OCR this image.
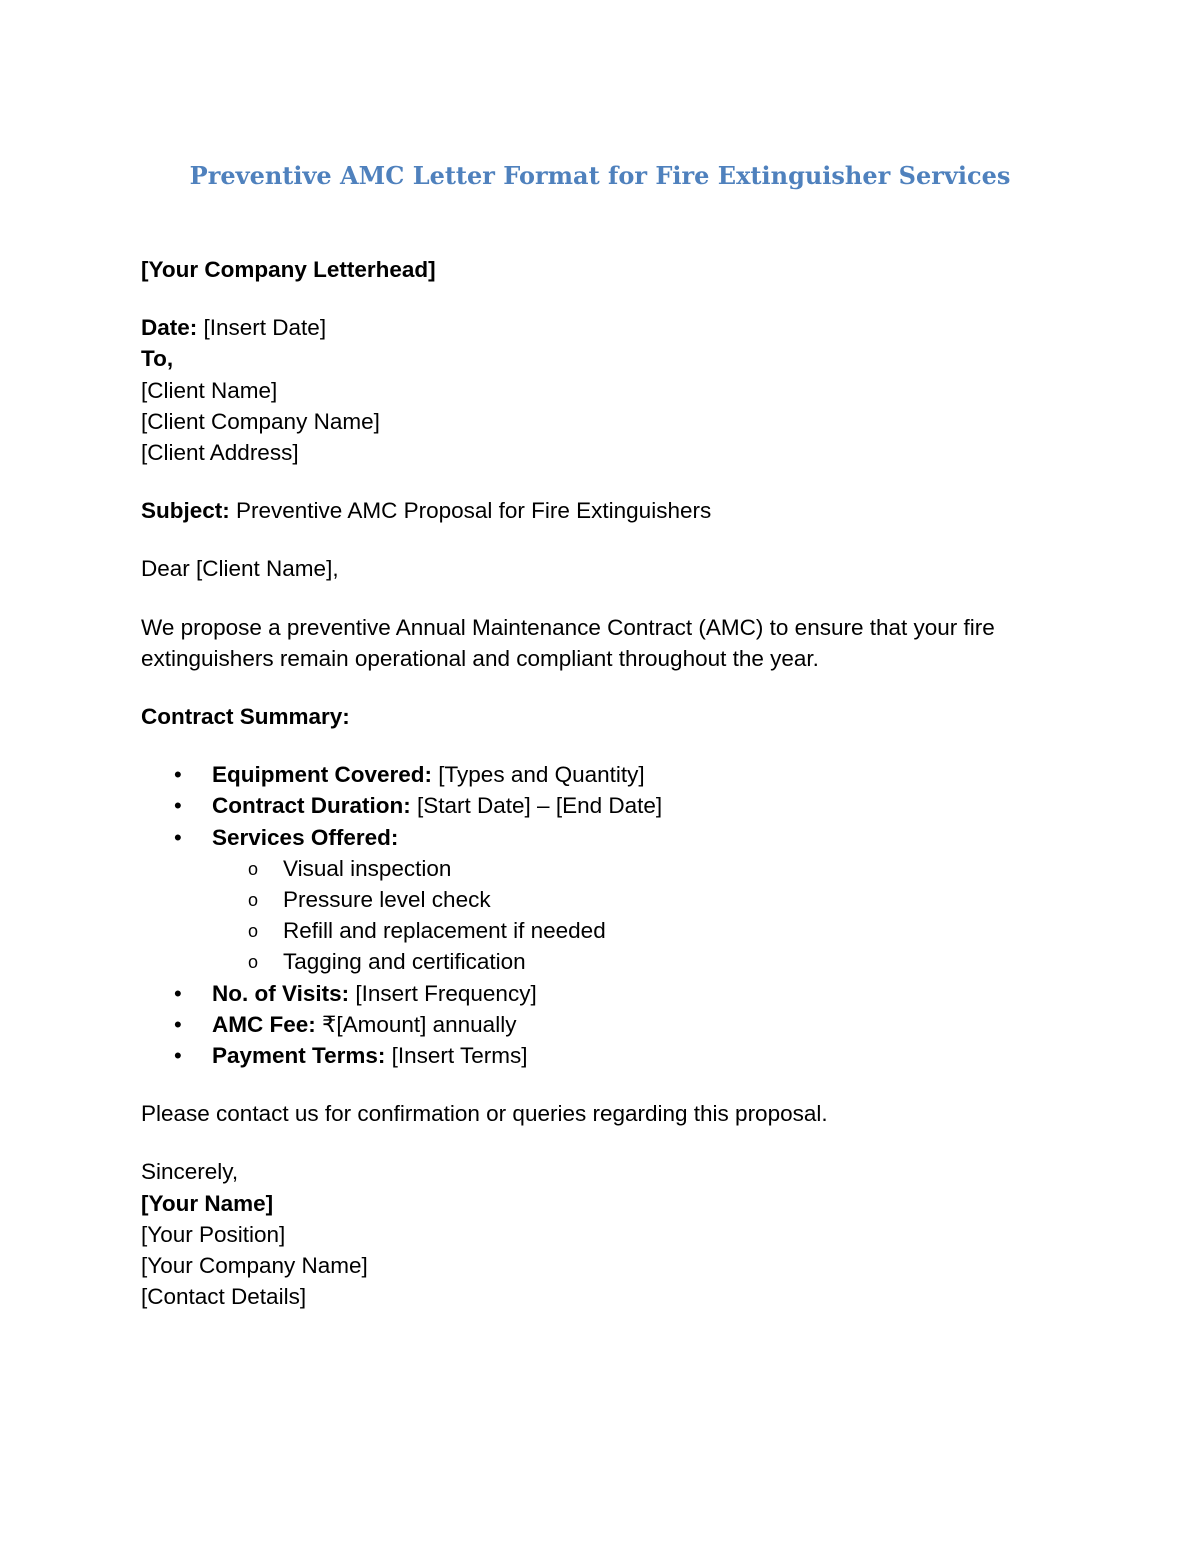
Preventive AMC Letter Format for Fire Extinguisher Services

[Your Company Letterhead]

Date: [Insert Date]

To,

[Client Name]

[Client Company Name]

[Client Address]

Subject: Preventive AMC Proposal for Fire Extinguishers

Dear [Client Name],

We propose a preventive Annual Maintenance Contract (AMC) to ensure that your fire extinguishers remain operational and compliant throughout the year.

Contract Summary:

• Equipment Covered: [Types and Quantity]
• Contract Duration: [Start Date] – [End Date]
• Services Offered:
o Visual inspection
o Pressure level check
o Refill and replacement if needed
o Tagging and certification
• No. of Visits: [Insert Frequency]
• AMC Fee: ₹[Amount] annually
• Payment Terms: [Insert Terms]

Please contact us for confirmation or queries regarding this proposal.

Sincerely,

[Your Name]

[Your Position]

[Your Company Name]

[Contact Details]
